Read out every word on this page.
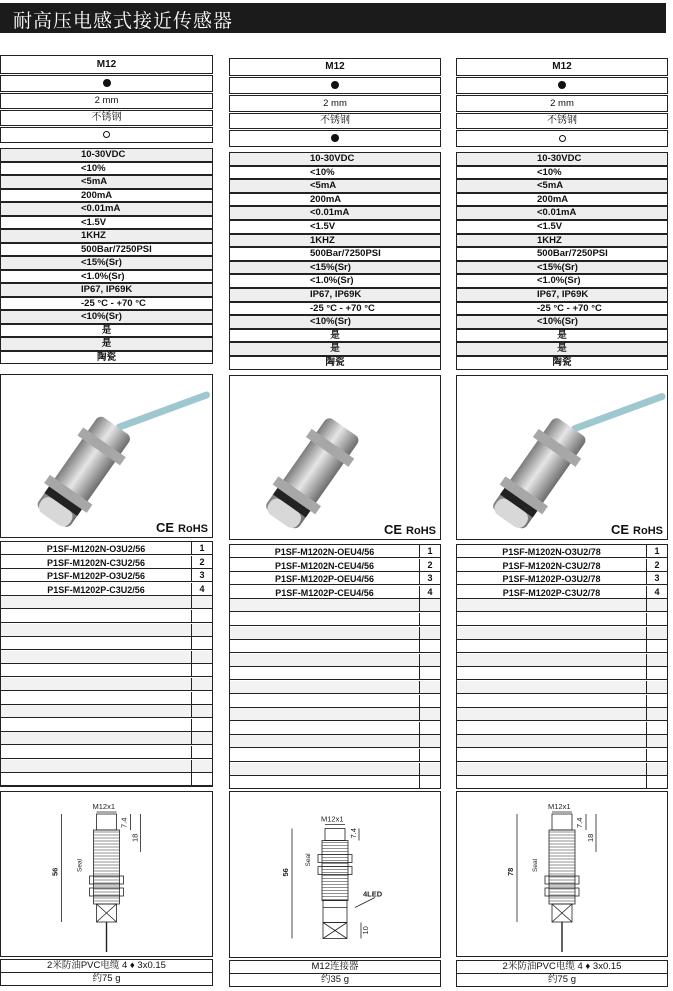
耐高压电感式接近传感器
M12
2 mm
不锈钢
10-30VDC
<10%
<5mA
200mA
<0.01mA
<1.5V
1KHZ
500Bar/7250PSI
<15%(Sr)
<1.0%(Sr)
IP67, IP69K
-25 °C - +70 °C
<10%(Sr)
是
是
陶瓷
CE RoHS
P1SF-M1202N-O3U2/56	1
P1SF-M1202N-C3U2/56	2
P1SF-M1202P-O3U2/56	3
P1SF-M1202P-C3U2/56	4
M12x1
7.4
18
56	Seal
2米防油PVC电缆 4 ♦ 3x0.15
约75 g
M12
2 mm
不锈钢
10-30VDC
<10%
<5mA
200mA
<0.01mA
<1.5V
1KHZ
500Bar/7250PSI
<15%(Sr)
<1.0%(Sr)
IP67, IP69K
-25 °C - +70 °C
<10%(Sr)
是
是
陶瓷
CE RoHS
P1SF-M1202N-OEU4/56	1
P1SF-M1202N-CEU4/56	2
P1SF-M1202P-OEU4/56	3
P1SF-M1202P-CEU4/56	4
M12x1
7.4
56
Seal
4LED
10
M12连接器
约35 g
M12
2 mm
不锈钢
10-30VDC
<10%
<5mA
200mA
<0.01mA
<1.5V
1KHZ
500Bar/7250PSI
<15%(Sr)
<1.0%(Sr)
IP67, IP69K
-25 °C - +70 °C
<10%(Sr)
是
是
陶瓷
CE RoHS
P1SF-M1202N-O3U2/78	1
P1SF-M1202N-C3U2/78	2
P1SF-M1202P-O3U2/78	3
P1SF-M1202P-C3U2/78	4
M12x1
7.4
18
78	Seal
2米防油PVC电缆 4 ♦ 3x0.15
约75 g
